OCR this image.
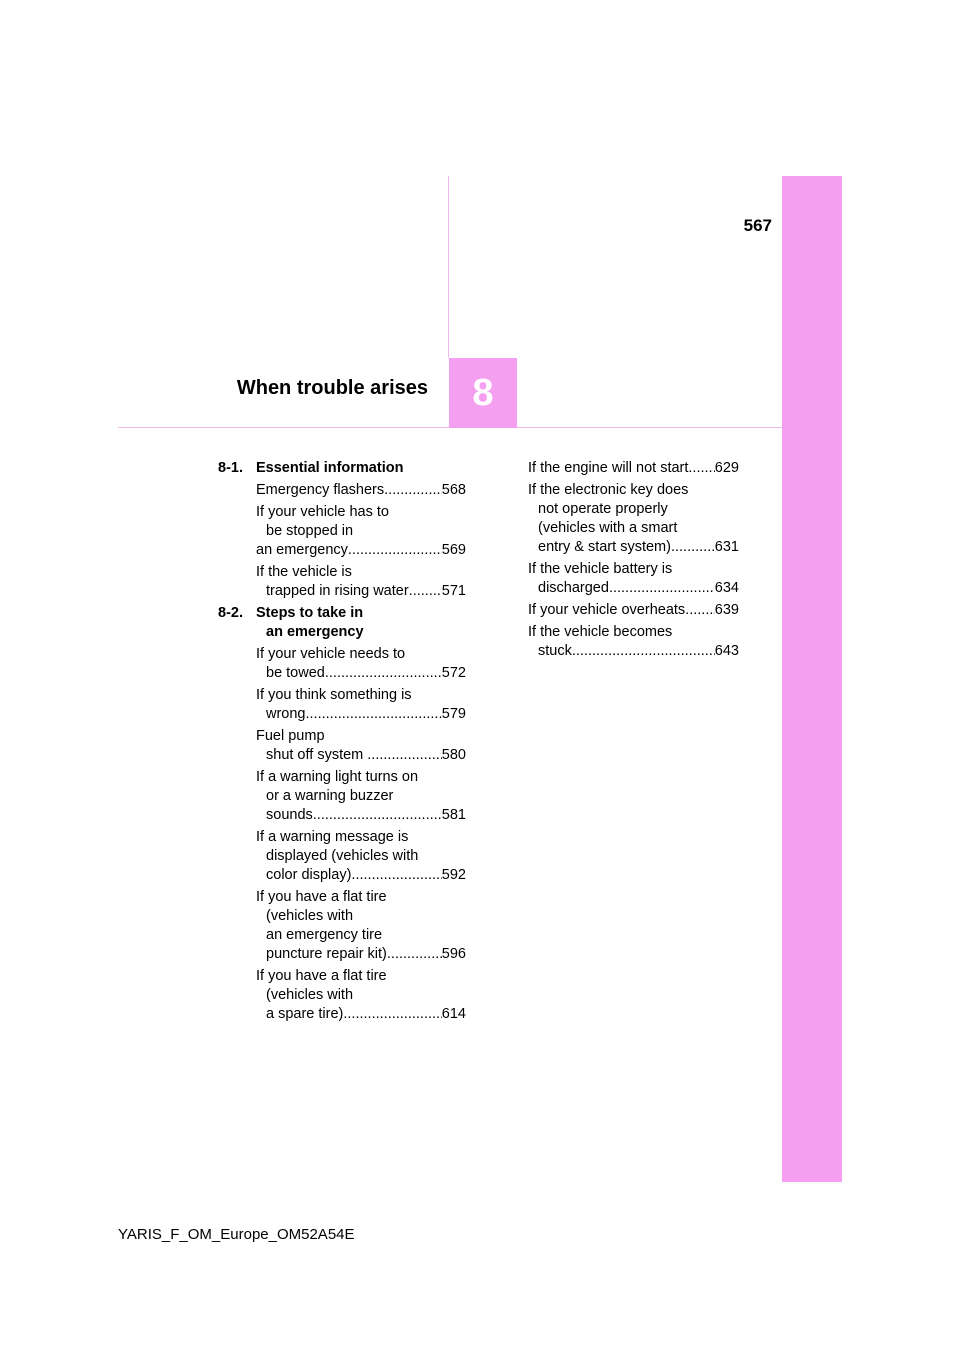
567
When trouble arises	8
8-1. Essential information
Emergency flashers .....	568
If your vehicle has to
be stopped in
an emergency .....	569
If the vehicle is
trapped in rising water ..... 571
8-2. Steps to take in
an emergency
If your vehicle needs to
be towed .....	572
If you think something is
wrong .....	579
Fuel pump
shut off system .....	580
If a warning light turns on
or a warning buzzer
sounds .....	581
If a warning message is
displayed (vehicles with
color display) .....	592
If you have a flat tire
(vehicles with
an emergency tire
puncture repair kit) .....	596
If you have a flat tire
(vehicles with
a spare tire) .....	614
If the engine will not start ..... 629
If the electronic key does
not operate properly
(vehicles with a smart
entry & start system) .....	631
If the vehicle battery is
discharged .....	634
If your vehicle overheats ..... 639
If the vehicle becomes
stuck .....	643
YARIS_F_OM_Europe_OM52A54E
